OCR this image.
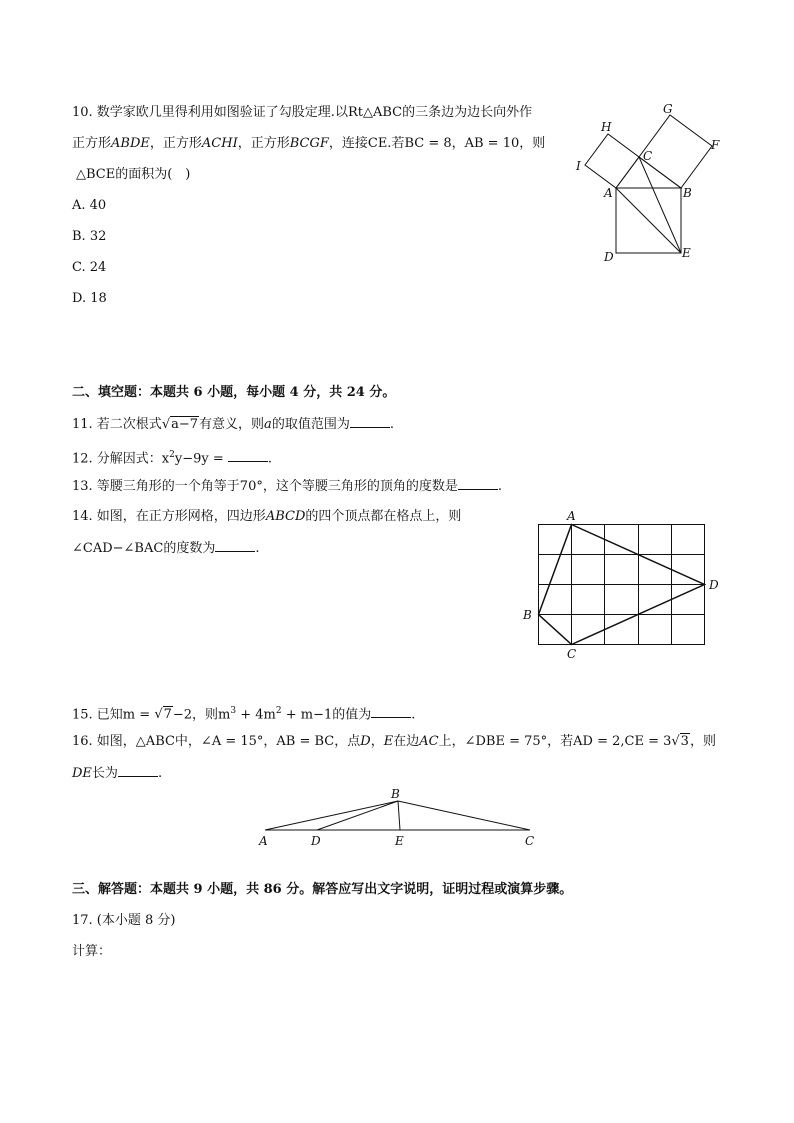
10. 数学家欧几里得利用如图验证了勾股定理.以Rt△ABC的三条边为边长向外作
正方形ABDE，正方形ACHI，正方形BCGF，连接CE.若BC = 8，AB = 10，则
△BCE的面积为(　)
A. 40
B. 32
C. 24
D. 18
G
H
F
C
I
A	B
D	E
二、填空题：本题共 6 小题，每小题 4 分，共 24 分。
11. 若二次根式√a−7有意义，则a的取值范围为	.
12. 分解因式：$x^2y-9y$ =	.
13. 等腰三角形的一个角等于70°，这个等腰三角形的顶角的度数是	.
14. 如图，在正方形网格，四边形ABCD的四个顶点都在格点上，则
∠CAD−∠BAC的度数为	.
A
D
B
C
15. 已知m = √7−2，则$m^3 + 4m^2 + m-1$的值为	.
16. 如图，△ABC中，∠A = 15°，AB = BC，点D，E在边AC上，∠DBE = 75°，若AD = 2,CE = 3√3，则
DE长为	.
B
A	D	E	C
三、解答题：本题共 9 小题，共 86 分。解答应写出文字说明，证明过程或演算步骤。
17. (本小题 8 分)
计算：
